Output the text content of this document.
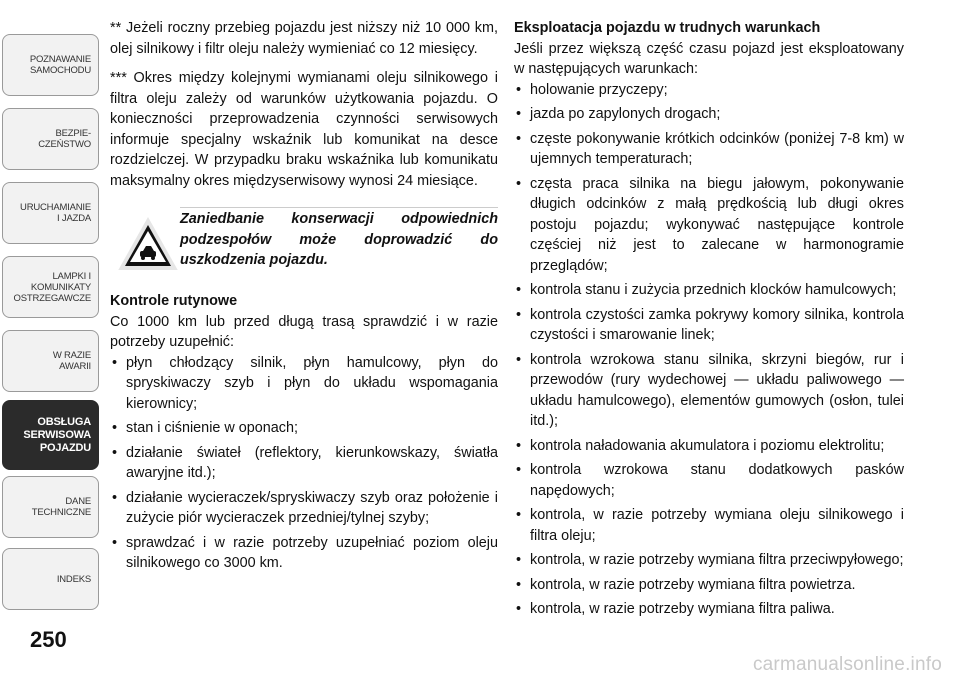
POZNAWANIE
SAMOCHODU
BEZPIE-
CZEŃSTWO
URUCHAMIANIE
I JAZDA
LAMPKI I
KOMUNIKATY
OSTRZEGAWCZE
W RAZIE
AWARII
OBSŁUGA
SERWISOWA
POJAZDU
DANE
TECHNICZNE
INDEKS
250

** Jeżeli roczny przebieg pojazdu jest niższy niż 10 000 km, olej silnikowy i filtr oleju należy wymieniać co 12 miesięcy.

*** Okres między kolejnymi wymianami oleju silnikowego i filtra oleju zależy od warunków użytkowania pojazdu. O konieczności przeprowadzenia czynności serwisowych informuje specjalny wskaźnik lub komunikat na desce rozdzielczej. W przypadku braku wskaźnika lub komunikatu maksymalny okres międzyserwisowy wynosi 24 miesiące.

Zaniedbanie konserwacji odpowiednich podzespołów może doprowadzić do uszkodzenia pojazdu.

Kontrole rutynowe

Co 1000 km lub przed długą trasą sprawdzić i w razie potrzeby uzupełnić:

• płyn chłodzący silnik, płyn hamulcowy, płyn do spryskiwaczy szyb i płyn do układu wspomagania kierownicy;
• stan i ciśnienie w oponach;
• działanie świateł (reflektory, kierunkowskazy, światła awaryjne itd.);
• działanie wycieraczek/spryskiwaczy szyb oraz położenie i zużycie piór wycieraczek przedniej/tylnej szyby;
• sprawdzać i w razie potrzeby uzupełniać poziom oleju silnikowego co 3000 km.

Eksploatacja pojazdu w trudnych warunkach

Jeśli przez większą część czasu pojazd jest eksploatowany w następujących warunkach:

• holowanie przyczepy;
• jazda po zapylonych drogach;
• częste pokonywanie krótkich odcinków (poniżej 7-8 km) w ujemnych temperaturach;
• częsta praca silnika na biegu jałowym, pokonywanie długich odcinków z małą prędkością lub długi okres postoju pojazdu; wykonywać następujące kontrole częściej niż jest to zalecane w harmonogramie przeglądów;
• kontrola stanu i zużycia przednich klocków hamulcowych;
• kontrola czystości zamka pokrywy komory silnika, kontrola czystości i smarowanie linek;
• kontrola wzrokowa stanu silnika, skrzyni biegów, rur i przewodów (rury wydechowej — układu paliwowego — układu hamulcowego), elementów gumowych (osłon, tulei itd.);
• kontrola naładowania akumulatora i poziomu elektrolitu;
• kontrola wzrokowa stanu dodatkowych pasków napędowych;
• kontrola, w razie potrzeby wymiana oleju silnikowego i filtra oleju;
• kontrola, w razie potrzeby wymiana filtra przeciwpyłowego;
• kontrola, w razie potrzeby wymiana filtra powietrza.
• kontrola, w razie potrzeby wymiana filtra paliwa.
carmanualsonline.info
